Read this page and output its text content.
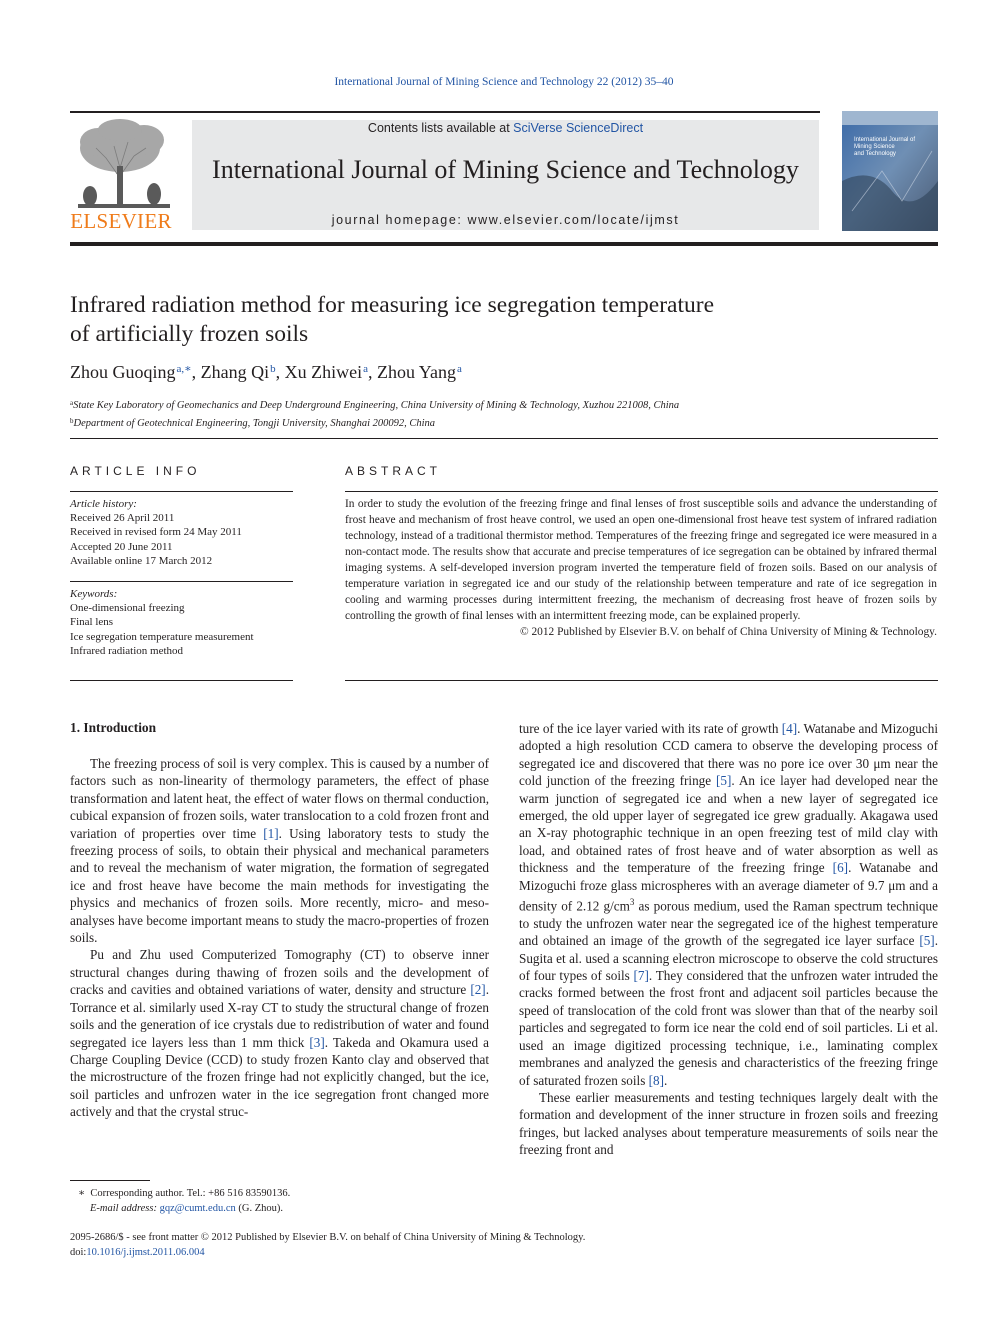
International Journal of Mining Science and Technology 22 (2012) 35–40
ELSEVIER
Contents lists available at SciVerse ScienceDirect
International Journal of Mining Science and Technology
journal homepage: www.elsevier.com/locate/ijmst
International Journal of Mining Science and Technology
Infrared radiation method for measuring ice segregation temperature
of artificially frozen soils
Zhou Guoqing$^{a,∗}$, Zhang Qi$^b$, Xu Zhiwei$^a$, Zhou Yang$^a$
$^a$State Key Laboratory of Geomechanics and Deep Underground Engineering, China University of Mining & Technology, Xuzhou 221008, China
$^b$Department of Geotechnical Engineering, Tongji University, Shanghai 200092, China
ARTICLE INFO
Article history:
Received 26 April 2011
Received in revised form 24 May 2011
Accepted 20 June 2011
Available online 17 March 2012
Keywords:
One-dimensional freezing
Final lens
Ice segregation temperature measurement
Infrared radiation method
ABSTRACT
In order to study the evolution of the freezing fringe and final lenses of frost susceptible soils and advance the understanding of frost heave and mechanism of frost heave control, we used an open one-dimensional frost heave test system of infrared radiation technology, instead of a traditional thermistor method. Temperatures of the freezing fringe and segregated ice were measured in a non-contact mode. The results show that accurate and precise temperatures of ice segregation can be obtained by infrared thermal imaging systems. A self-developed inversion program inverted the temperature field of frozen soils. Based on our analysis of temperature variation in segregated ice and our study of the relationship between temperature and rate of ice segregation in cooling and warming processes during intermittent freezing, the mechanism of decreasing frost heave of frozen soils by controlling the growth of final lenses with an intermittent freezing mode, can be explained properly.
© 2012 Published by Elsevier B.V. on behalf of China University of Mining & Technology.
1. Introduction

The freezing process of soil is very complex. This is caused by a number of factors such as non-linearity of thermology parameters, the effect of phase transformation and latent heat, the effect of water flows on thermal conduction, cubical expansion of frozen soils, water translocation to a cold frozen front and variation of properties over time [1]. Using laboratory tests to study the freezing process of soils, to obtain their physical and mechanical parameters and to reveal the mechanism of water migration, the formation of segregated ice and frost heave have become the main methods for investigating the physics and mechanics of frozen soils. More recently, micro- and meso-analyses have become important means to study the macro-properties of frozen soils.

Pu and Zhu used Computerized Tomography (CT) to observe inner structural changes during thawing of frozen soils and the development of cracks and cavities and obtained variations of water, density and structure [2]. Torrance et al. similarly used X-ray CT to study the structural change of frozen soils and the generation of ice crystals due to redistribution of water and found segregated ice layers less than 1 mm thick [3]. Takeda and Okamura used a Charge Coupling Device (CCD) to study frozen Kanto clay and observed that the microstructure of the frozen fringe had not explicitly changed, but the ice, soil particles and unfrozen water in the ice segregation front changed more actively and that the crystal struc-

ture of the ice layer varied with its rate of growth [4]. Watanabe and Mizoguchi adopted a high resolution CCD camera to observe the developing process of segregated ice and discovered that there was no pore ice over 30 μm near the cold junction of the freezing fringe [5]. An ice layer had developed near the warm junction of segregated ice and when a new layer of segregated ice emerged, the old upper layer of segregated ice grew gradually. Akagawa used an X-ray photographic technique in an open freezing test of mild clay with load, and obtained rates of frost heave and of water absorption as well as thickness and the temperature of the freezing fringe [6]. Watanabe and Mizoguchi froze glass microspheres with an average diameter of 9.7 μm and a density of 2.12 $g/cm^3$ as porous medium, used the Raman spectrum technique to study the unfrozen water near the segregated ice of the highest temperature and obtained an image of the growth of the segregated ice layer surface [5]. Sugita et al. used a scanning electron microscope to observe the cold structures of four types of soils [7]. They considered that the unfrozen water intruded the cracks formed between the frost front and adjacent soil particles because the speed of translocation of the cold front was slower than that of the nearby soil particles and segregated to form ice near the cold end of soil particles. Li et al. used an image digitized processing technique, i.e., laminating complex membranes and analyzed the genesis and characteristics of the freezing fringe of saturated frozen soils [8].

These earlier measurements and testing techniques largely dealt with the formation and development of the inner structure in frozen soils and freezing fringes, but lacked analyses about temperature measurements of soils near the freezing front and

∗ Corresponding author. Tel.: +86 516 83590136.
E-mail address: gqz@cumt.edu.cn (G. Zhou).
2095-2686/$ - see front matter © 2012 Published by Elsevier B.V. on behalf of China University of Mining & Technology.
doi:10.1016/j.ijmst.2011.06.004
